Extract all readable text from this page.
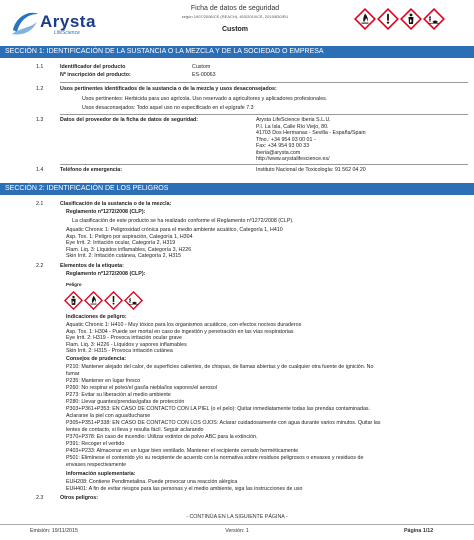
Arysta
LifeScience
Ficha de datos de seguridad
según 1907/2006/CE (REACH), 453/2010/CE, 2015/830/EU
Custom
SECCIÓN 1: IDENTIFICACIÓN DE LA SUSTANCIA O LA MEZCLA Y DE LA SOCIEDAD O EMPRESA
1.1	Identificador del producto	Custom
Nº inscripción del producto:	ES-00063
1.2	Usos pertinentes identificados de la sustancia o de la mezcla y usos desaconsejados:
Usos pertinentes: Herbicida para uso agrícola. Uso reservado a agricultores y aplicadores profesionales.
Usos desaconsejados: Todo aquel uso no especificado en el epígrafe 7.3
1.3	Datos del proveedor de la ficha de datos de seguridad:	Arysta LifeScience Iberia S.L.U.
P.I. La Isla, Calle Río Viejo, 80.
41703 Dos Hermanas - Sevilla - España/Spain
Tfno.: +34 954 93 00 01 -
Fax: +34 954 93 00 33
iberia@arysta.com
http://www.arystalifescience.es/
1.4	Teléfono de emergencia:	Instituto Nacional de Toxicología: 91 562 04 20
SECCIÓN 2: IDENTIFICACIÓN DE LOS PELIGROS
2.1	Clasificación de la sustancia o de la mezcla:
Reglamento nº1272/2008 (CLP):
La clasificación de este producto se ha realizado conforme el Reglamento nº1272/2008 (CLP).
Aquatic Chronic 1: Peligrosidad crónica para el medio ambiente acuático, Categoría 1, H410
Asp. Tox. 1: Peligro por aspiración, Categoría 1, H304
Eye Irrit. 2: Irritación ocular, Categoría 2, H319
Flam. Liq. 3: Líquidos inflamables, Categoría 3, H226
Skin Irrit. 2: Irritación cutánea, Categoría 2, H315
2.2	Elementos de la etiqueta:
Reglamento nº1272/2008 (CLP):
Peligro
Indicaciones de peligro:
Aquatic Chronic 1: H410 - Muy tóxico para los organismos acuáticos, con efectos nocivos duraderos
Asp. Tox. 1: H304 - Puede ser mortal en caso de ingestión y penetración en las vías respiratorias
Eye Irrit. 2: H319 - Provoca irritación ocular grave
Flam. Liq. 3: H226 - Líquidos y vapores inflamables
Skin Irrit. 2: H315 - Provoca irritación cutánea
Consejos de prudencia:
P210: Mantener alejado del calor, de superficies calientes, de chispas, de llamas abiertas y de cualquier otra fuente de ignición. No
fumar
P235: Mantener en lugar fresco
P260: No respirar el polvo/el gas/la niebla/los vapores/el aerosol
P273: Evitar su liberación al medio ambiente
P280: Llevar guantes/prendas/gafas de protección
P303+P361+P353: EN CASO DE CONTACTO CON LA PIEL (o el pelo): Quitar inmediatamente todas las prendas contaminadas.
Aclararse la piel con agua/ducharse
P305+P351+P338: EN CASO DE CONTACTO CON LOS OJOS: Aclarar cuidadosamente con agua durante varios minutos. Quitar las
lentes de contacto, si lleva y resulta fácil. Seguir aclarando
P370+P378: En caso de incendio: Utilizar extintor de polvo ABC para la extinción.
P391: Recoger el vertido
P403+P233: Almacenar en un lugar bien ventilado. Mantener el recipiente cerrado herméticamente
P501: Elimínese el contenido y/o su recipiente de acuerdo con la normativa sobre residuos peligrosos o envases y residuos de
envases respectivamente
Información suplementaria:
EUH208: Contiene Pendimetalina. Puede provocar una reacción alérgica
EUH401: A fin de evitar riesgos para las personas y el medio ambiente, siga las instrucciones de uso
2.3	Otros peligros:
- CONTINÚA EN LA SIGUIENTE PÁGINA -
Emisión: 19/11/2015	Versión: 1	Página 1/12
